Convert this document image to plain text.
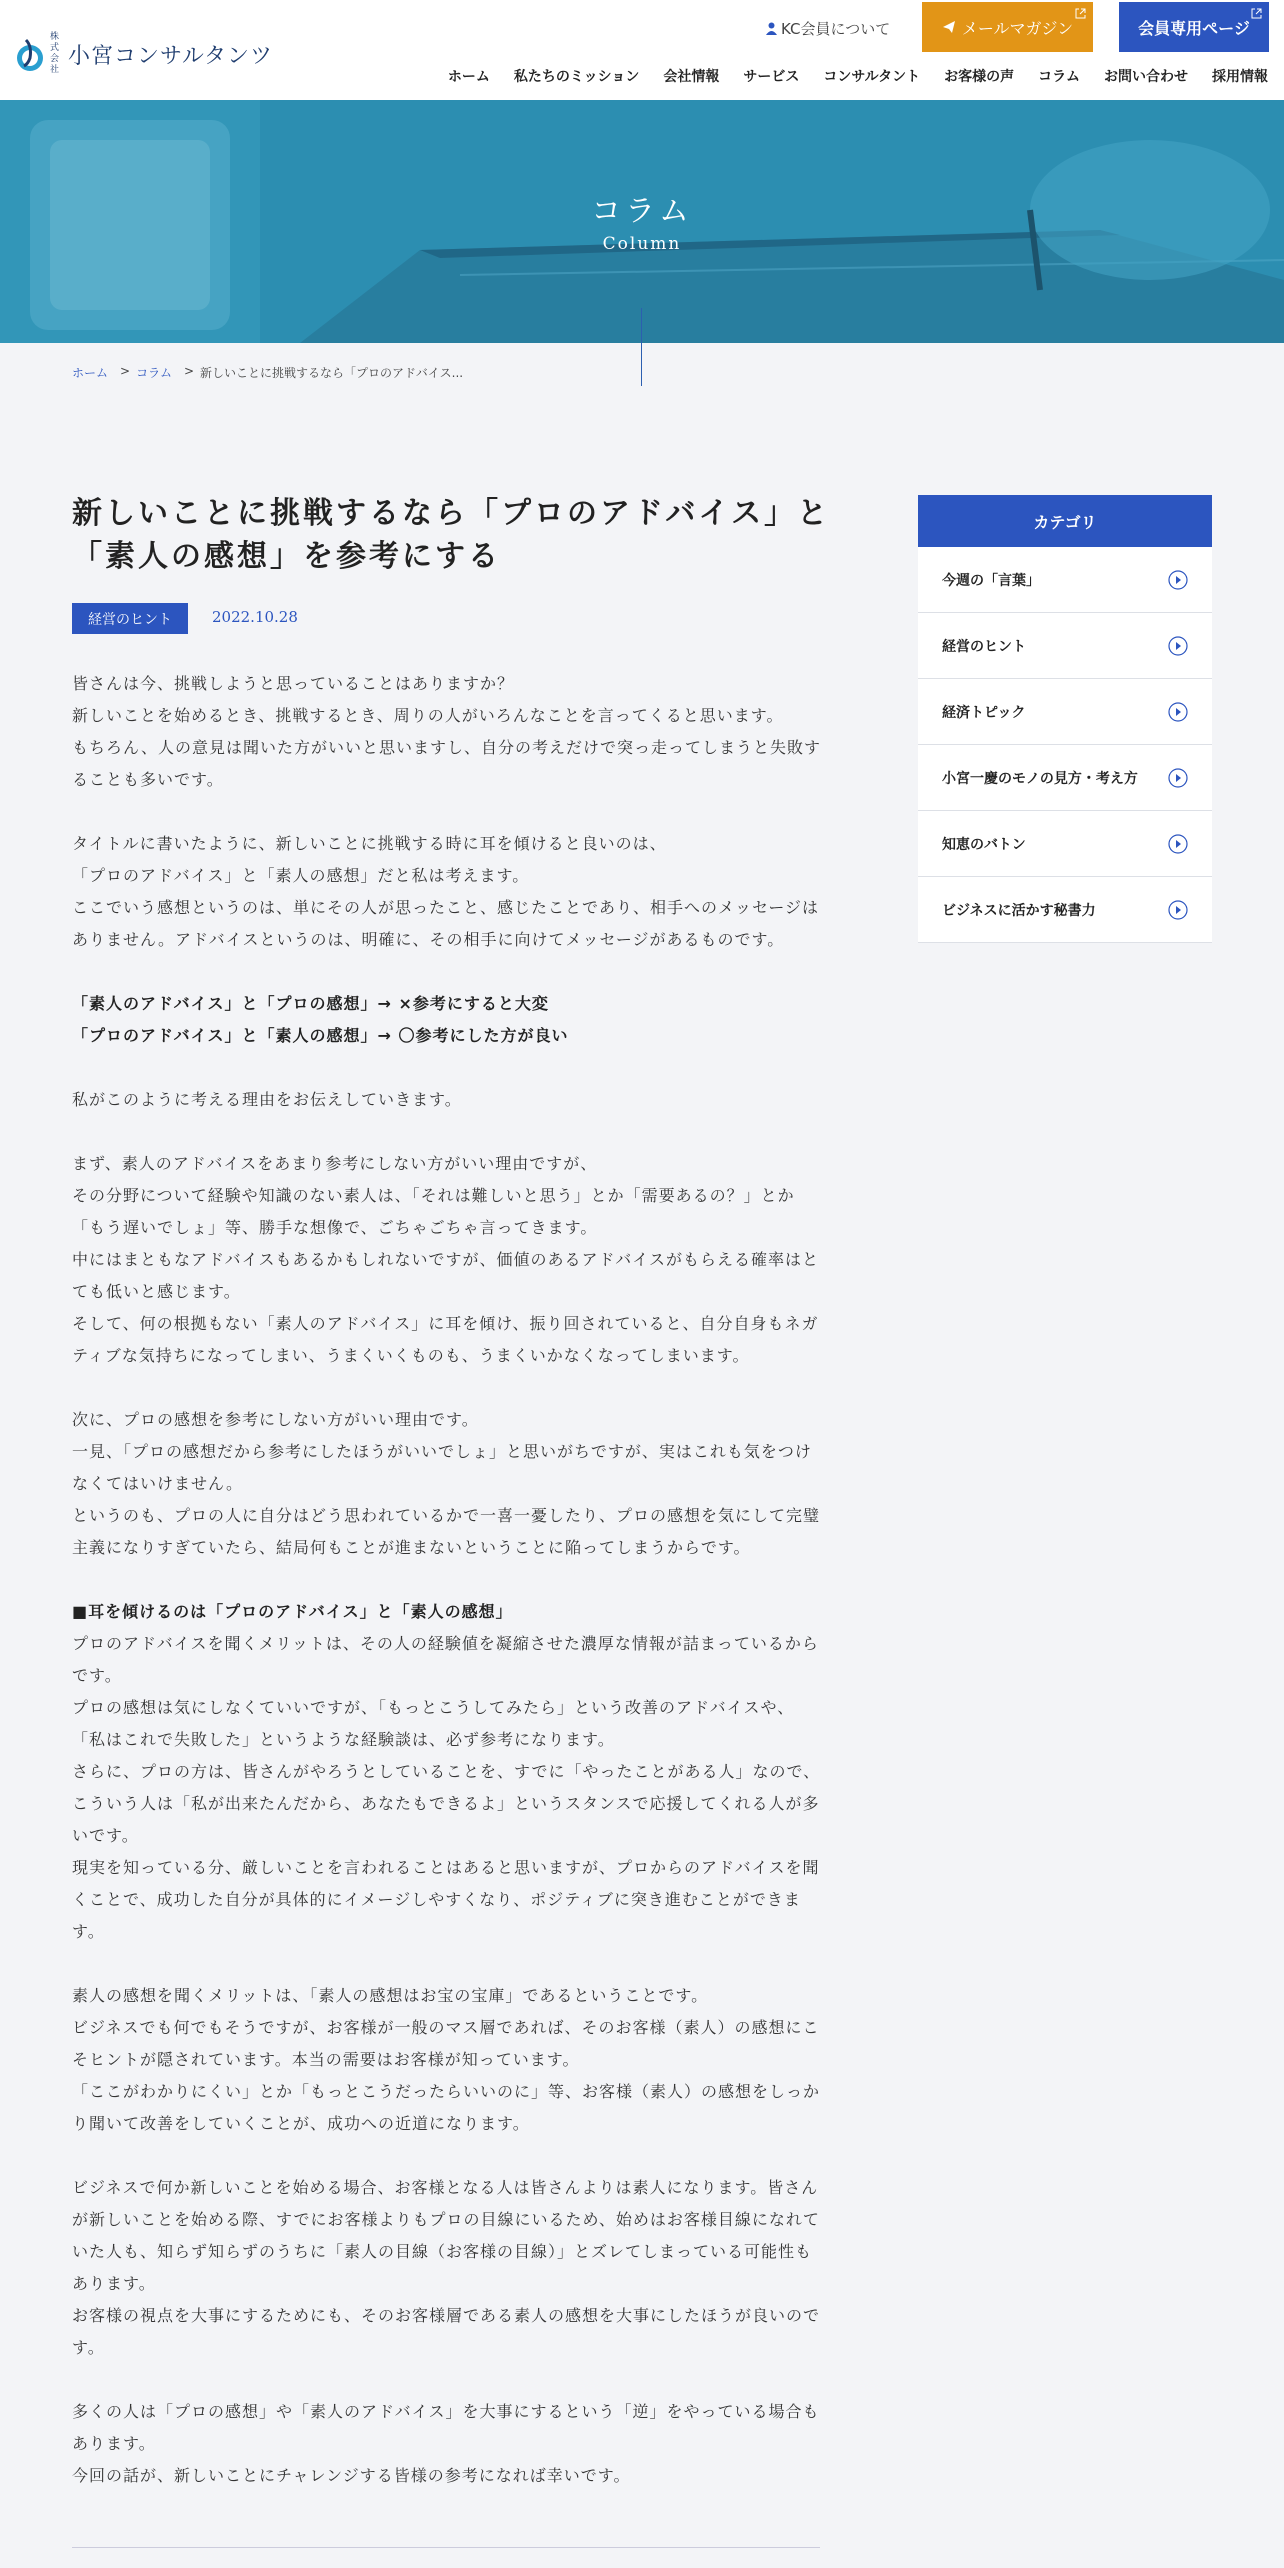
株式会社
小宮コンサルタンツ
KC会員について	メールマガジン	会員専用ページ
ホーム 私たちのミッション 会社情報 サービス コンサルタント お客様の声 コラム お問い合わせ 採用情報
コラム
Column
ホーム > コラム > 新しいことに挑戦するなら「プロのアドバイス...
新しいことに挑戦するなら「プロのアドバイス」と
「素人の感想」を参考にする
経営のヒント	2022.10.28

皆さんは今、挑戦しようと思っていることはありますか？

新しいことを始めるとき、挑戦するとき、周りの人がいろんなことを言ってくると思います。

もちろん、人の意見は聞いた方がいいと思いますし、自分の考えだけで突っ走ってしまうと失敗す

ることも多いです。

タイトルに書いたように、新しいことに挑戦する時に耳を傾けると良いのは、

「プロのアドバイス」と「素人の感想」だと私は考えます。

ここでいう感想というのは、単にその人が思ったこと、感じたことであり、相手へのメッセージは

ありません。アドバイスというのは、明確に、その相手に向けてメッセージがあるものです。

「素人のアドバイス」と「プロの感想」→ ×参考にすると大変

「プロのアドバイス」と「素人の感想」→ 〇参考にした方が良い

私がこのように考える理由をお伝えしていきます。

まず、素人のアドバイスをあまり参考にしない方がいい理由ですが、

その分野について経験や知識のない素人は、「それは難しいと思う」とか「需要あるの？」とか

「もう遅いでしょ」等、勝手な想像で、ごちゃごちゃ言ってきます。

中にはまともなアドバイスもあるかもしれないですが、価値のあるアドバイスがもらえる確率はと

ても低いと感じます。

そして、何の根拠もない「素人のアドバイス」に耳を傾け、振り回されていると、自分自身もネガ

ティブな気持ちになってしまい、うまくいくものも、うまくいかなくなってしまいます。

次に、プロの感想を参考にしない方がいい理由です。

一見、「プロの感想だから参考にしたほうがいいでしょ」と思いがちですが、実はこれも気をつけ

なくてはいけません。

というのも、プロの人に自分はどう思われているかで一喜一憂したり、プロの感想を気にして完璧

主義になりすぎていたら、結局何もことが進まないということに陥ってしまうからです。

■耳を傾けるのは「プロのアドバイス」と「素人の感想」

プロのアドバイスを聞くメリットは、その人の経験値を凝縮させた濃厚な情報が詰まっているから

です。

プロの感想は気にしなくていいですが、「もっとこうしてみたら」という改善のアドバイスや、

「私はこれで失敗した」というような経験談は、必ず参考になります。

さらに、プロの方は、皆さんがやろうとしていることを、すでに「やったことがある人」なので、

こういう人は「私が出来たんだから、あなたもできるよ」というスタンスで応援してくれる人が多

いです。

現実を知っている分、厳しいことを言われることはあると思いますが、プロからのアドバイスを聞

くことで、成功した自分が具体的にイメージしやすくなり、ポジティブに突き進むことができま

す。

素人の感想を聞くメリットは、「素人の感想はお宝の宝庫」であるということです。

ビジネスでも何でもそうですが、お客様が一般のマス層であれば、そのお客様（素人）の感想にこ

そヒントが隠されています。本当の需要はお客様が知っています。

「ここがわかりにくい」とか「もっとこうだったらいいのに」等、お客様（素人）の感想をしっか

り聞いて改善をしていくことが、成功への近道になります。

ビジネスで何か新しいことを始める場合、お客様となる人は皆さんよりは素人になります。皆さん

が新しいことを始める際、すでにお客様よりもプロの目線にいるため、始めはお客様目線になれて

いた人も、知らず知らずのうちに「素人の目線（お客様の目線）」とズレてしまっている可能性も

あります。

お客様の視点を大事にするためにも、そのお客様層である素人の感想を大事にしたほうが良いので

す。

多くの人は「プロの感想」や「素人のアドバイス」を大事にするという「逆」をやっている場合も

あります。

今回の話が、新しいことにチャレンジする皆様の参考になれば幸いです。

カテゴリ
今週の「言葉」
経営のヒント
経済トピック
小宮一慶のモノの見方・考え方
知恵のバトン
ビジネスに活かす秘書力
